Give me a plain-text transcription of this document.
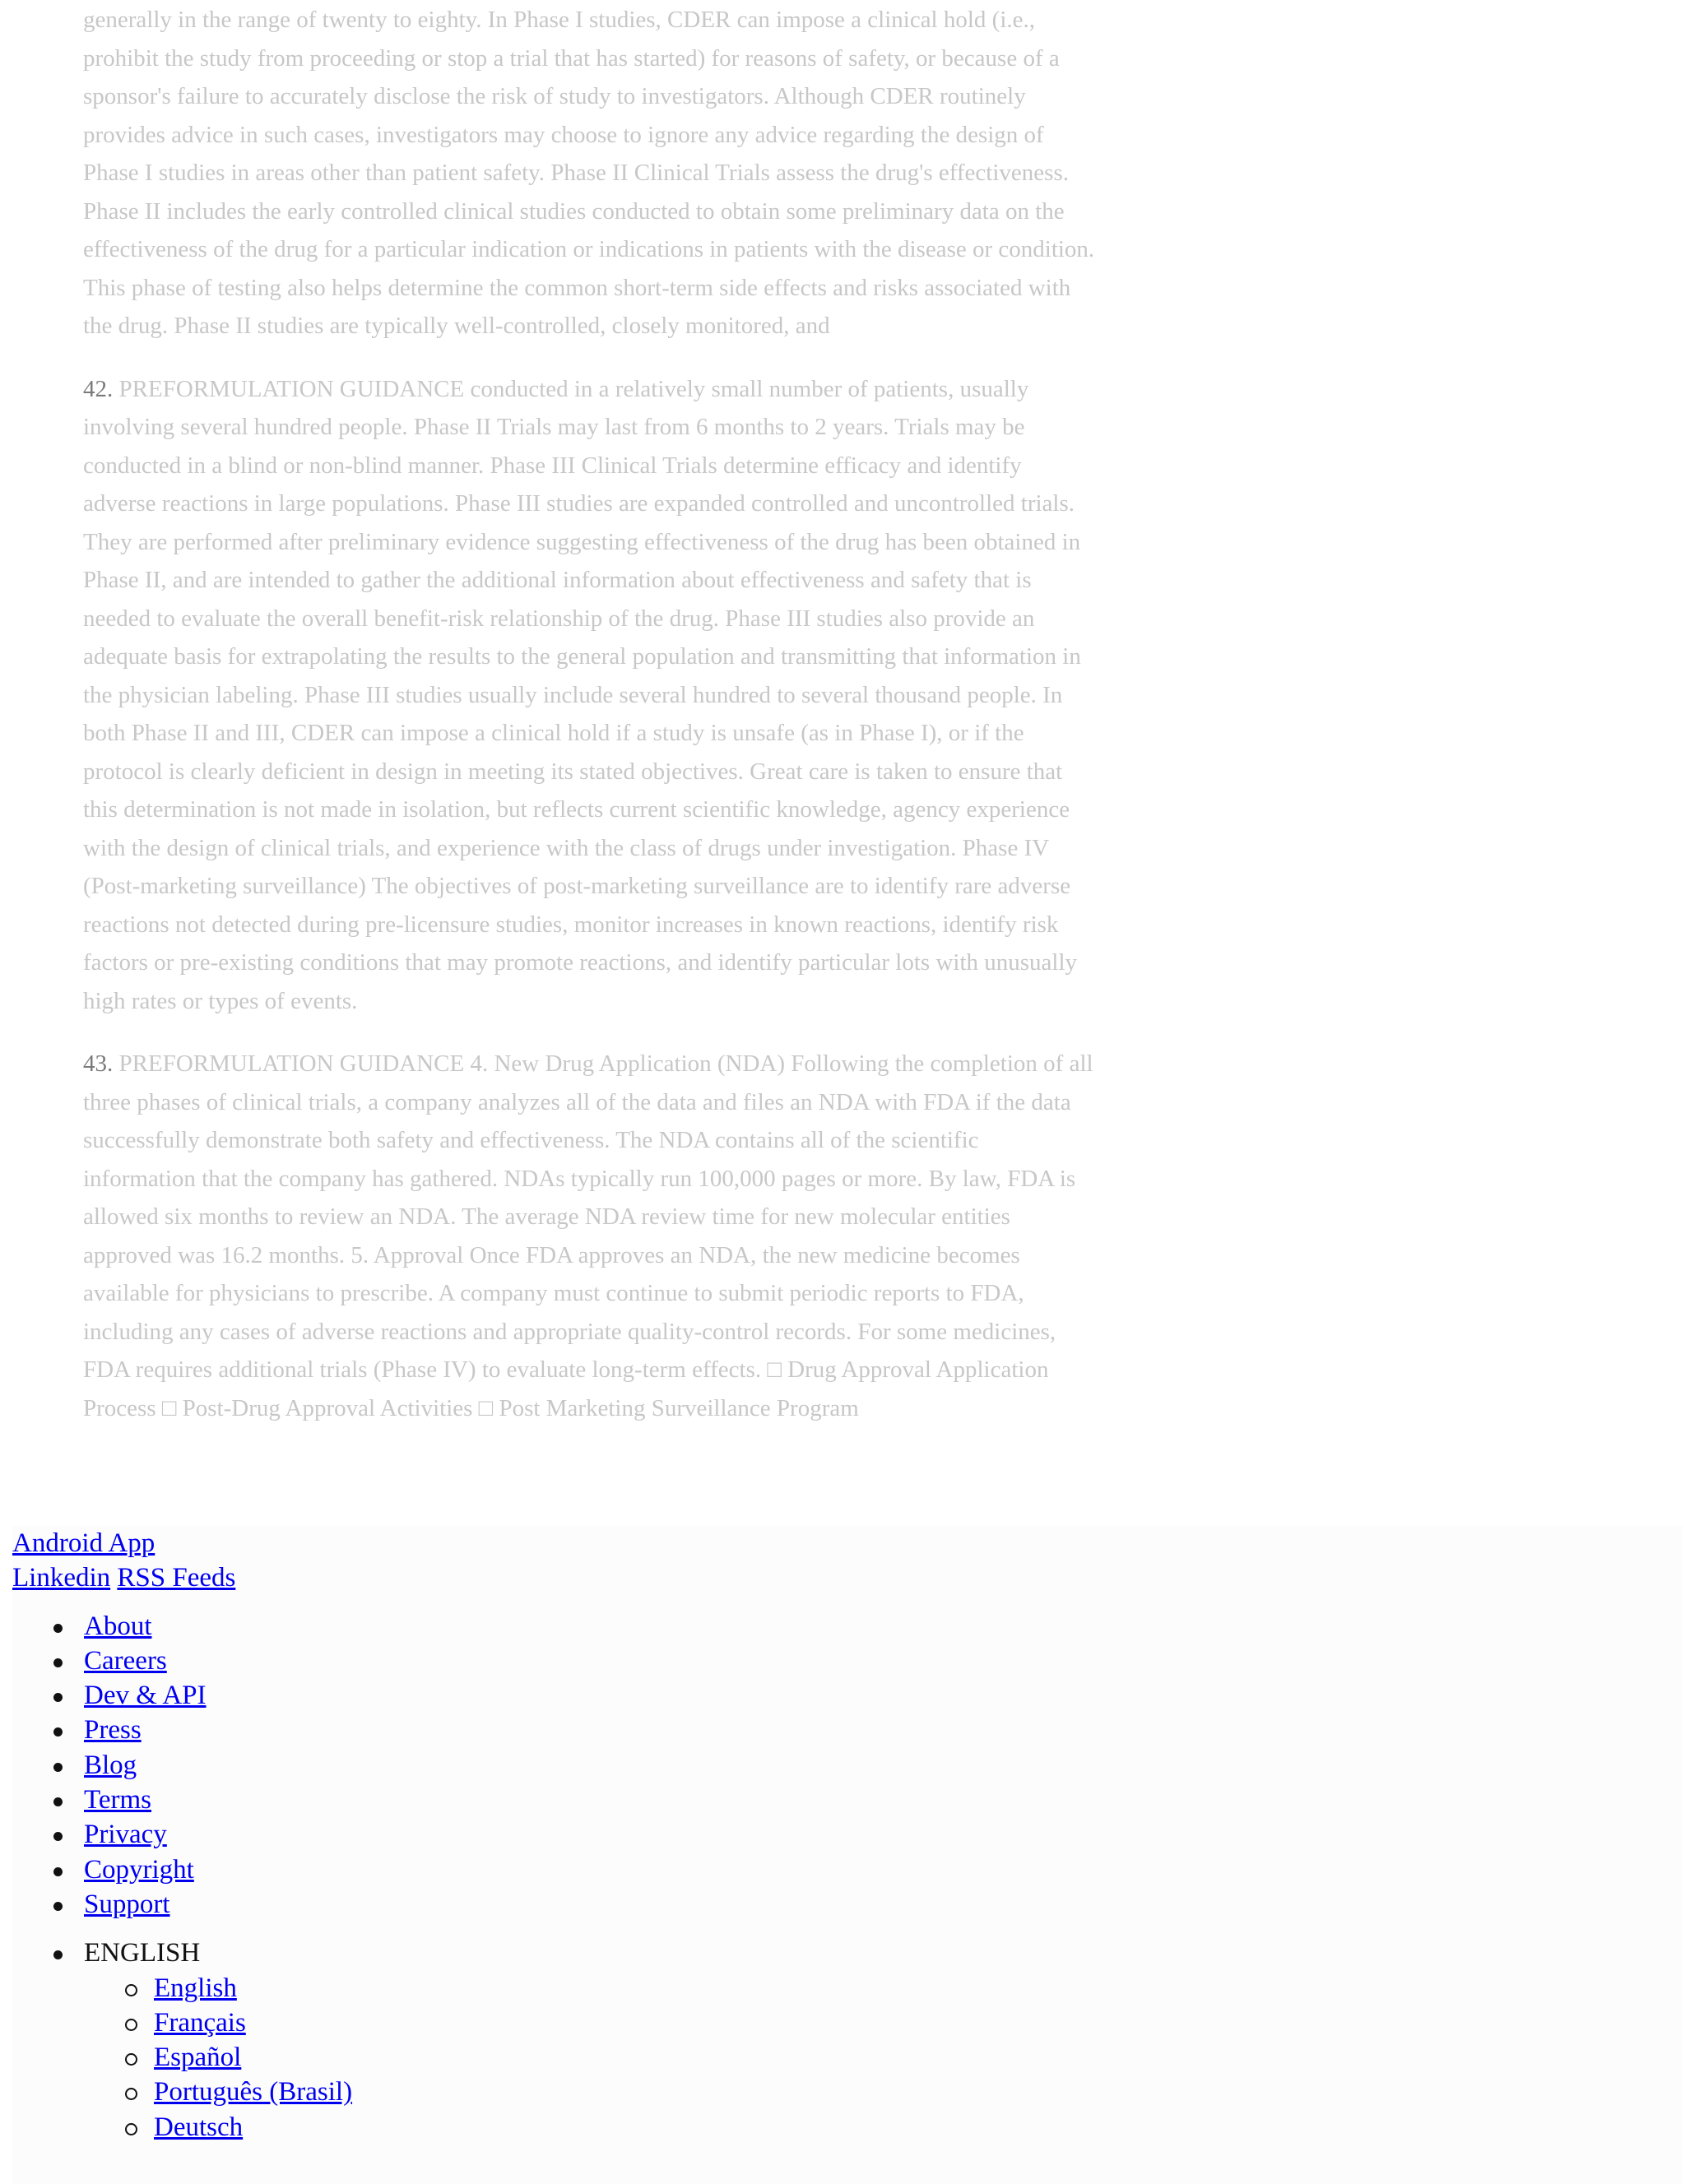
generally in the range of twenty to eighty. In Phase I studies, CDER can impose a clinical hold (i.e.,
prohibit the study from proceeding or stop a trial that has started) for reasons of safety, or because of a
sponsor's failure to accurately disclose the risk of study to investigators. Although CDER routinely
provides advice in such cases, investigators may choose to ignore any advice regarding the design of
Phase I studies in areas other than patient safety. Phase II Clinical Trials assess the drug's effectiveness.
Phase II includes the early controlled clinical studies conducted to obtain some preliminary data on the
effectiveness of the drug for a particular indication or indications in patients with the disease or condition.
This phase of testing also helps determine the common short-term side effects and risks associated with
the drug. Phase II studies are typically well-controlled, closely monitored, and

42. PREFORMULATION GUIDANCE conducted in a relatively small number of patients, usually
involving several hundred people. Phase II Trials may last from 6 months to 2 years. Trials may be
conducted in a blind or non-blind manner. Phase III Clinical Trials determine efficacy and identify
adverse reactions in large populations. Phase III studies are expanded controlled and uncontrolled trials.
They are performed after preliminary evidence suggesting effectiveness of the drug has been obtained in
Phase II, and are intended to gather the additional information about effectiveness and safety that is
needed to evaluate the overall benefit-risk relationship of the drug. Phase III studies also provide an
adequate basis for extrapolating the results to the general population and transmitting that information in
the physician labeling. Phase III studies usually include several hundred to several thousand people. In
both Phase II and III, CDER can impose a clinical hold if a study is unsafe (as in Phase I), or if the
protocol is clearly deficient in design in meeting its stated objectives. Great care is taken to ensure that
this determination is not made in isolation, but reflects current scientific knowledge, agency experience
with the design of clinical trials, and experience with the class of drugs under investigation. Phase IV
(Post-marketing surveillance) The objectives of post-marketing surveillance are to identify rare adverse
reactions not detected during pre-licensure studies, monitor increases in known reactions, identify risk
factors or pre-existing conditions that may promote reactions, and identify particular lots with unusually
high rates or types of events.

43. PREFORMULATION GUIDANCE 4. New Drug Application (NDA) Following the completion of all
three phases of clinical trials, a company analyzes all of the data and files an NDA with FDA if the data
successfully demonstrate both safety and effectiveness. The NDA contains all of the scientific
information that the company has gathered. NDAs typically run 100,000 pages or more. By law, FDA is
allowed six months to review an NDA. The average NDA review time for new molecular entities
approved was 16.2 months. 5. Approval Once FDA approves an NDA, the new medicine becomes
available for physicians to prescribe. A company must continue to submit periodic reports to FDA,
including any cases of adverse reactions and appropriate quality-control records. For some medicines,
FDA requires additional trials (Phase IV) to evaluate long-term effects. □ Drug Approval Application
Process □ Post-Drug Approval Activities □ Post Marketing Surveillance Program

Android App
Linkedin RSS Feeds
About
Careers
Dev & API
Press
Blog
Terms
Privacy
Copyright
Support
ENGLISH
English
Français
Español
Português (Brasil)
Deutsch
